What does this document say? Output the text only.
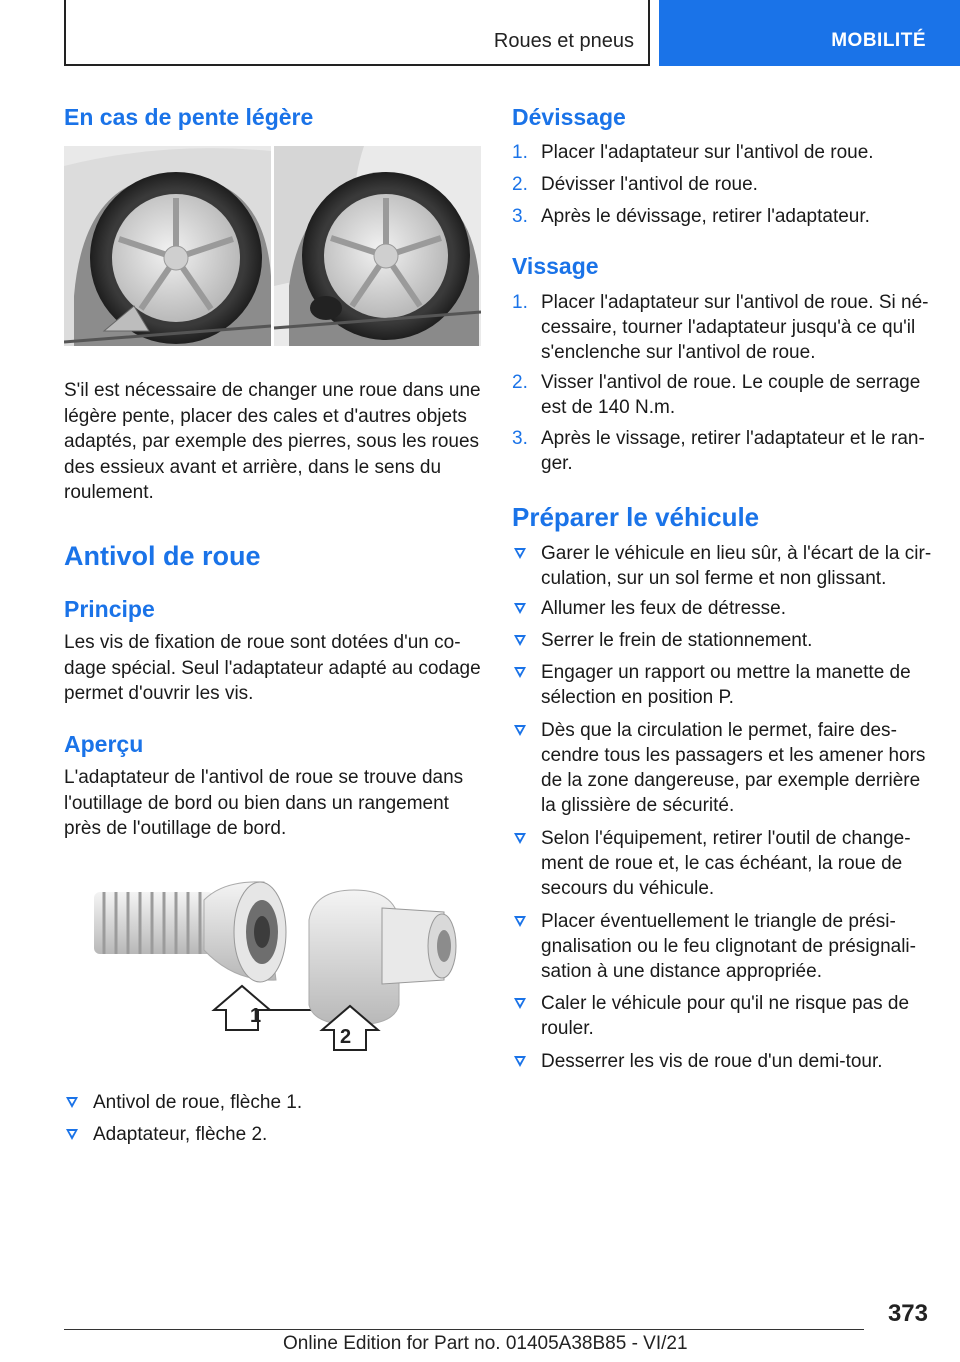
Roues et pneus	MOBILITÉ
En cas de pente légère
S'il est nécessaire de changer une roue dans une légère pente, placer des cales et d'autres objets adaptés, par exemple des pierres, sous les roues des essieux avant et arrière, dans le sens du roulement.
Antivol de roue
Principe
Les vis de fixation de roue sont dotées d'un codage spécial. Seul l'adaptateur adapté au codage permet d'ouvrir les vis.
Aperçu
L'adaptateur de l'antivol de roue se trouve dans l'outillage de bord ou bien dans un rangement près de l'outillage de bord.
1
2
Antivol de roue, flèche 1.
Adaptateur, flèche 2.
Dévissage
1. Placer l'adaptateur sur l'antivol de roue.
2. Dévisser l'antivol de roue.
3. Après le dévissage, retirer l'adaptateur.
Vissage
1. Placer l'adaptateur sur l'antivol de roue. Si nécessaire, tourner l'adaptateur jusqu'à ce qu'il s'enclenche sur l'antivol de roue.
2. Visser l'antivol de roue. Le couple de serrage est de 140 N.m.
3. Après le vissage, retirer l'adaptateur et le ranger.
Préparer le véhicule
Garer le véhicule en lieu sûr, à l'écart de la circulation, sur un sol ferme et non glissant.
Allumer les feux de détresse.
Serrer le frein de stationnement.
Engager un rapport ou mettre la manette de sélection en position P.
Dès que la circulation le permet, faire descendre tous les passagers et les amener hors de la zone dangereuse, par exemple derrière la glissière de sécurité.
Selon l'équipement, retirer l'outil de changement de roue et, le cas échéant, la roue de secours du véhicule.
Placer éventuellement le triangle de présignalisation ou le feu clignotant de présignalisation à une distance appropriée.
Caler le véhicule pour qu'il ne risque pas de rouler.
Desserrer les vis de roue d'un demi-tour.
373
Online Edition for Part no. 01405A38B85 - VI/21
